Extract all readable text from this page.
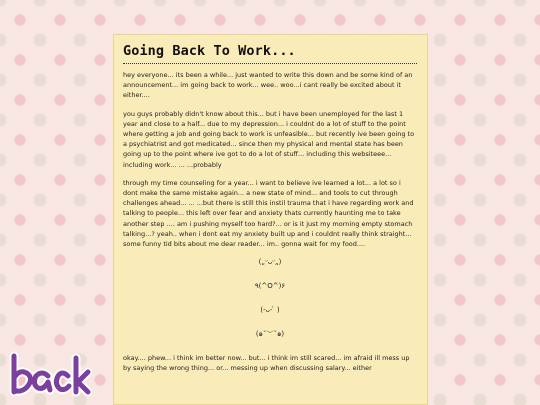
Going Back To Work...

hey everyone... its been a while... just wanted to write this down and be some kind of an announcement... im going back to work... wee.. woo...i cant really be excited about it either....

you guys probably didn't know about this... but i have been unemployed for the last 1 year and close to a half... due to my depression... i couldnt do a lot of stuff to the point where getting a job and going back to work is unfeasible... but recently ive been going to a psychiatrist and got medicated... since then my physical and mental state has been going up to the point where ive got to do a lot of stuff... including this websiteee... including work... ... ...probably

through my time counseling for a year... i want to believe ive learned a lot... a lot so i dont make the same mistake again... a new state of mind... and tools to cut through challenges ahead... ... ...but there is still this instil trauma that i have regarding work and talking to people... this left over fear and anxiety thats currently haunting me to take another step .... am i pushing myself too hard?... or is it just my morning empty stomach talking...? yeah.. when i dont eat my anxiety built up and i couldnt really think straight... some funny tid bits about me dear reader... im.. gonna wait for my food....

(„ᵕᴗᵕ„)
٩(^O^)۶
(-ᴗ- ̀ )
(๑˘︶˘๑)

okay.... phew... i think im better now... but... i think im still scared... im afraid ill mess up by saying the wrong thing... or... messing up when discussing salary... either
